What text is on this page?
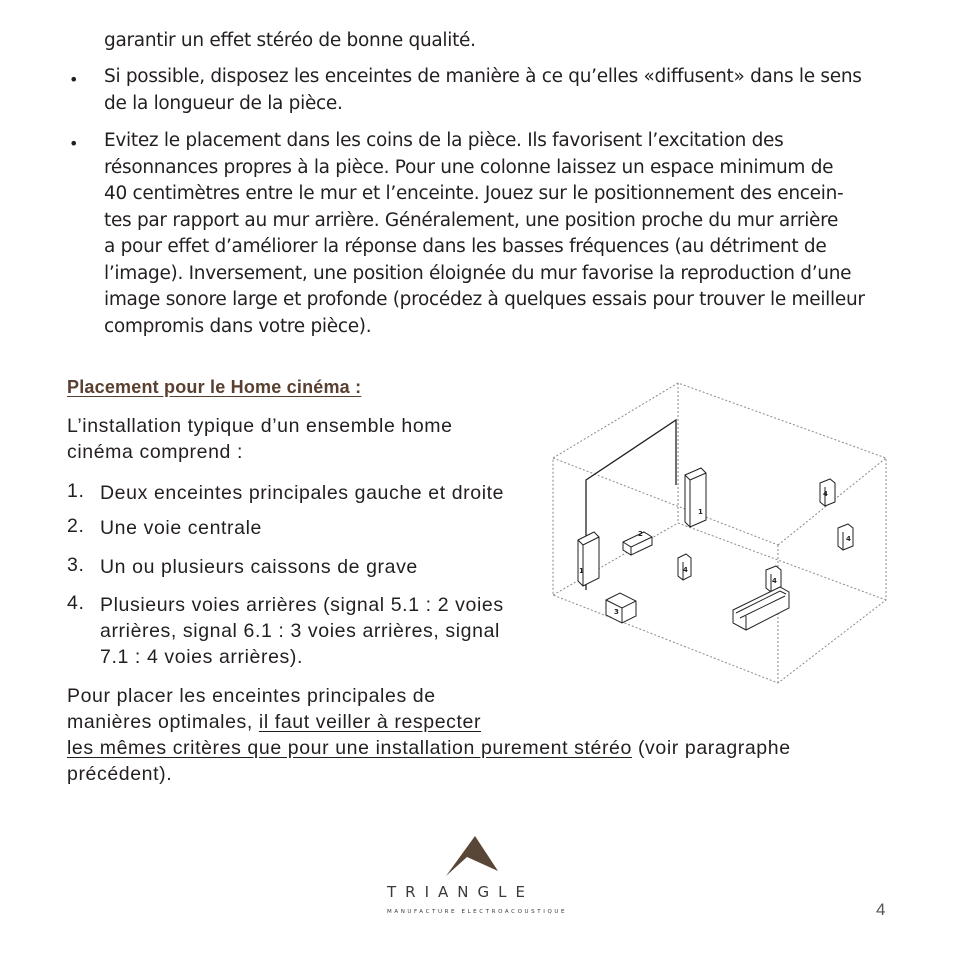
garantir un effet stéréo de bonne qualité.
• Si possible, disposez les enceintes de manière à ce qu’elles «diffusent» dans le sens
de la longueur de la pièce.
• Evitez le placement dans les coins de la pièce. Ils favorisent l’excitation des
résonnances propres à la pièce. Pour une colonne laissez un espace minimum de
40 centimètres entre le mur et l’enceinte. Jouez sur le positionnement des encein-
tes par rapport au mur arrière. Généralement, une position proche du mur arrière
a pour effet d’améliorer la réponse dans les basses fréquences (au détriment de
l’image). Inversement, une position éloignée du mur favorise la reproduction d’une
image sonore large et profonde (procédez à quelques essais pour trouver le meilleur
compromis dans votre pièce).
Placement pour le Home cinéma :
L’installation typique d’un ensemble home
cinéma comprend :
1. Deux enceintes principales gauche et droite
2. Une voie centrale
3. Un ou plusieurs caissons de grave
4. Plusieurs voies arrières (signal 5.1 : 2 voies
arrières, signal 6.1 : 3 voies arrières, signal
7.1 : 4 voies arrières).
Pour placer les enceintes principales de
manières optimales, il faut veiller à respecter
les mêmes critères que pour une installation purement stéréo (voir paragraphe
précédent).
1
1
2
3
4
4
4
4
TRIANGLE
MANUFACTURE ELECTROACOUSTIQUE	4
